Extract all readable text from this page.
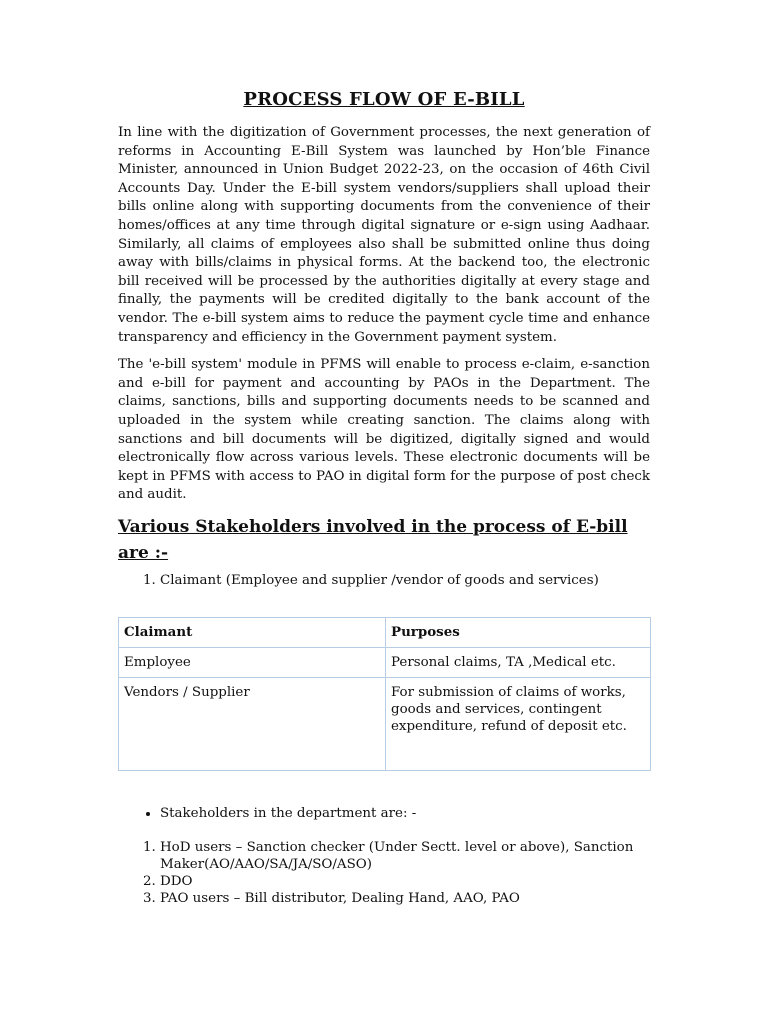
PROCESS FLOW OF E-BILL

In line with the digitization of Government processes, the next generation of reforms in Accounting E-Bill System was launched by Hon’ble Finance Minister, announced in Union Budget 2022-23, on the occasion of 46th Civil Accounts Day. Under the E-bill system vendors/suppliers shall upload their bills online along with supporting documents from the convenience of their homes/offices at any time through digital signature or e-sign using Aadhaar. Similarly, all claims of employees also shall be submitted online thus doing away with bills/claims in physical forms. At the backend too, the electronic bill received will be processed by the authorities digitally at every stage and finally, the payments will be credited digitally to the bank account of the vendor. The e-bill system aims to reduce the payment cycle time and enhance transparency and efficiency in the Government payment system.

The 'e-bill system' module in PFMS will enable to process e-claim, e-sanction and e-bill for payment and accounting by PAOs in the Department. The claims, sanctions, bills and supporting documents needs to be scanned and uploaded in the system while creating sanction. The claims along with sanctions and bill documents will be digitized, digitally signed and would electronically flow across various levels. These electronic documents will be kept in PFMS with access to PAO in digital form for the purpose of post check and audit.

Various Stakeholders involved in the process of E-bill are :-
1. Claimant (Employee and supplier /vendor of goods and services)
Claimant	Purposes
Employee	Personal claims, TA ,Medical etc.
Vendors / Supplier	For submission of claims of works, goods and services, contingent expenditure, refund of deposit etc.
• Stakeholders in the department are: -
1. HoD users – Sanction checker (Under Sectt. level or above), Sanction Maker(AO/AAO/SA/JA/SO/ASO)
2. DDO
3. PAO users – Bill distributor, Dealing Hand, AAO, PAO
